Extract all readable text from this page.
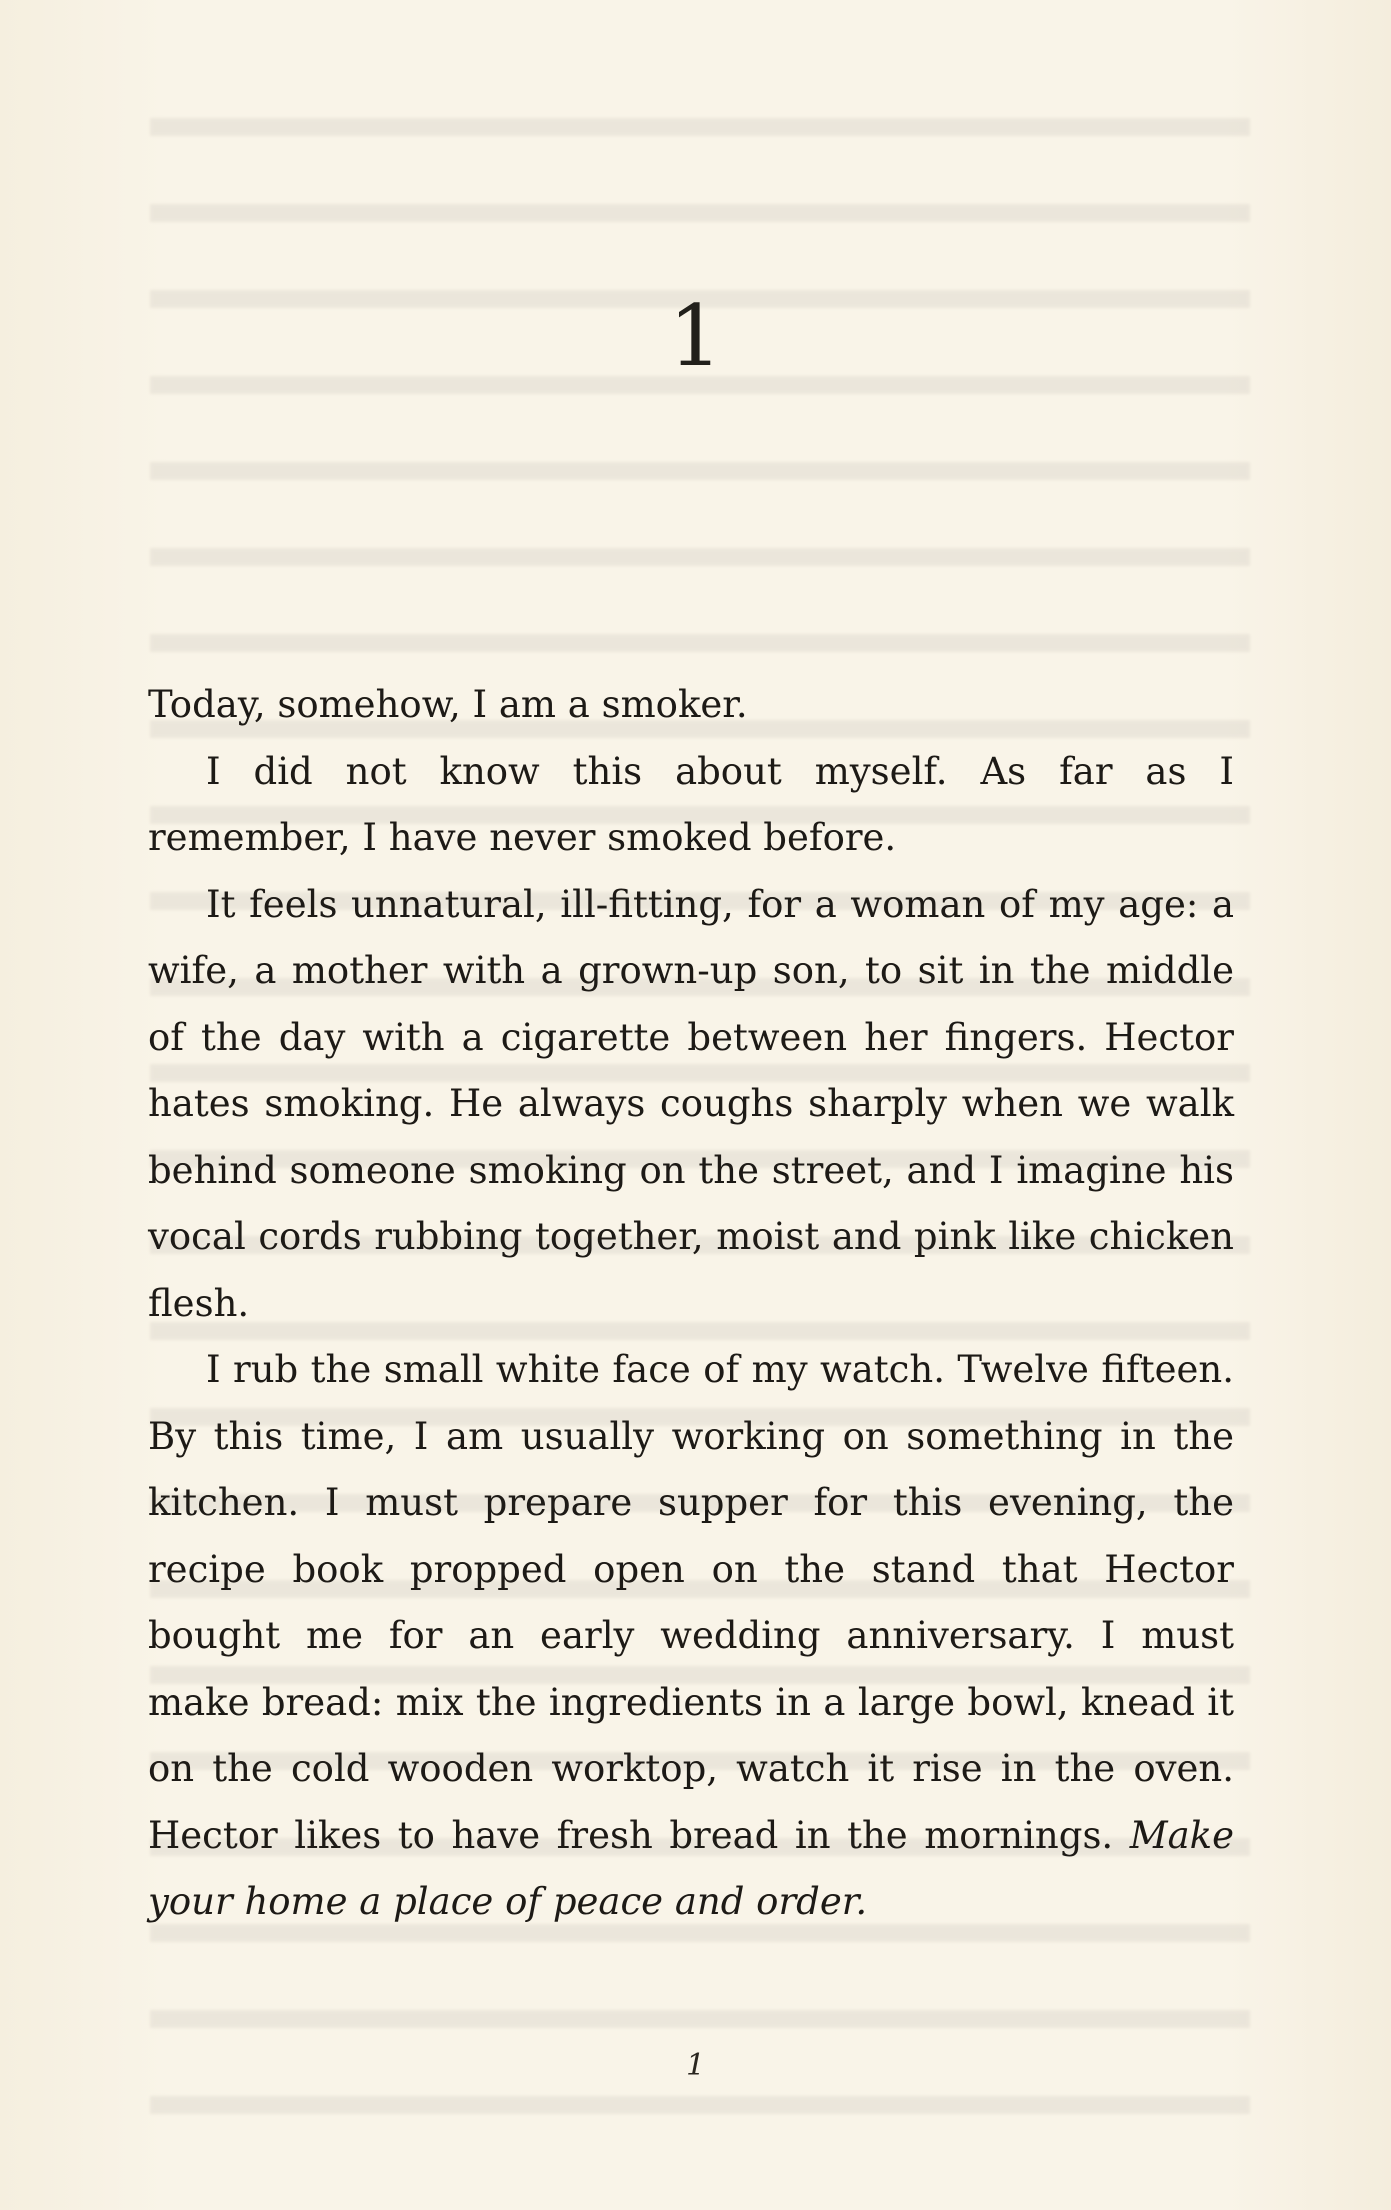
1

Today, somehow, I am a smoker.

I did not know this about myself. As far as I remember, I have never smoked before.

It feels unnatural, ill-fitting, for a woman of my age: a wife, a mother with a grown-up son, to sit in the middle of the day with a cigarette between her fingers. Hector hates smoking. He always coughs sharply when we walk behind someone smoking on the street, and I imagine his vocal cords rubbing together, moist and pink like chicken flesh.

I rub the small white face of my watch. Twelve fifteen. By this time, I am usually working on something in the kitchen. I must prepare supper for this evening, the recipe book propped open on the stand that Hector bought me for an early wedding anniversary. I must make bread: mix the ingredients in a large bowl, knead it on the cold wooden worktop, watch it rise in the oven. Hector likes to have fresh bread in the mornings. Make your home a place of peace and order.

1
